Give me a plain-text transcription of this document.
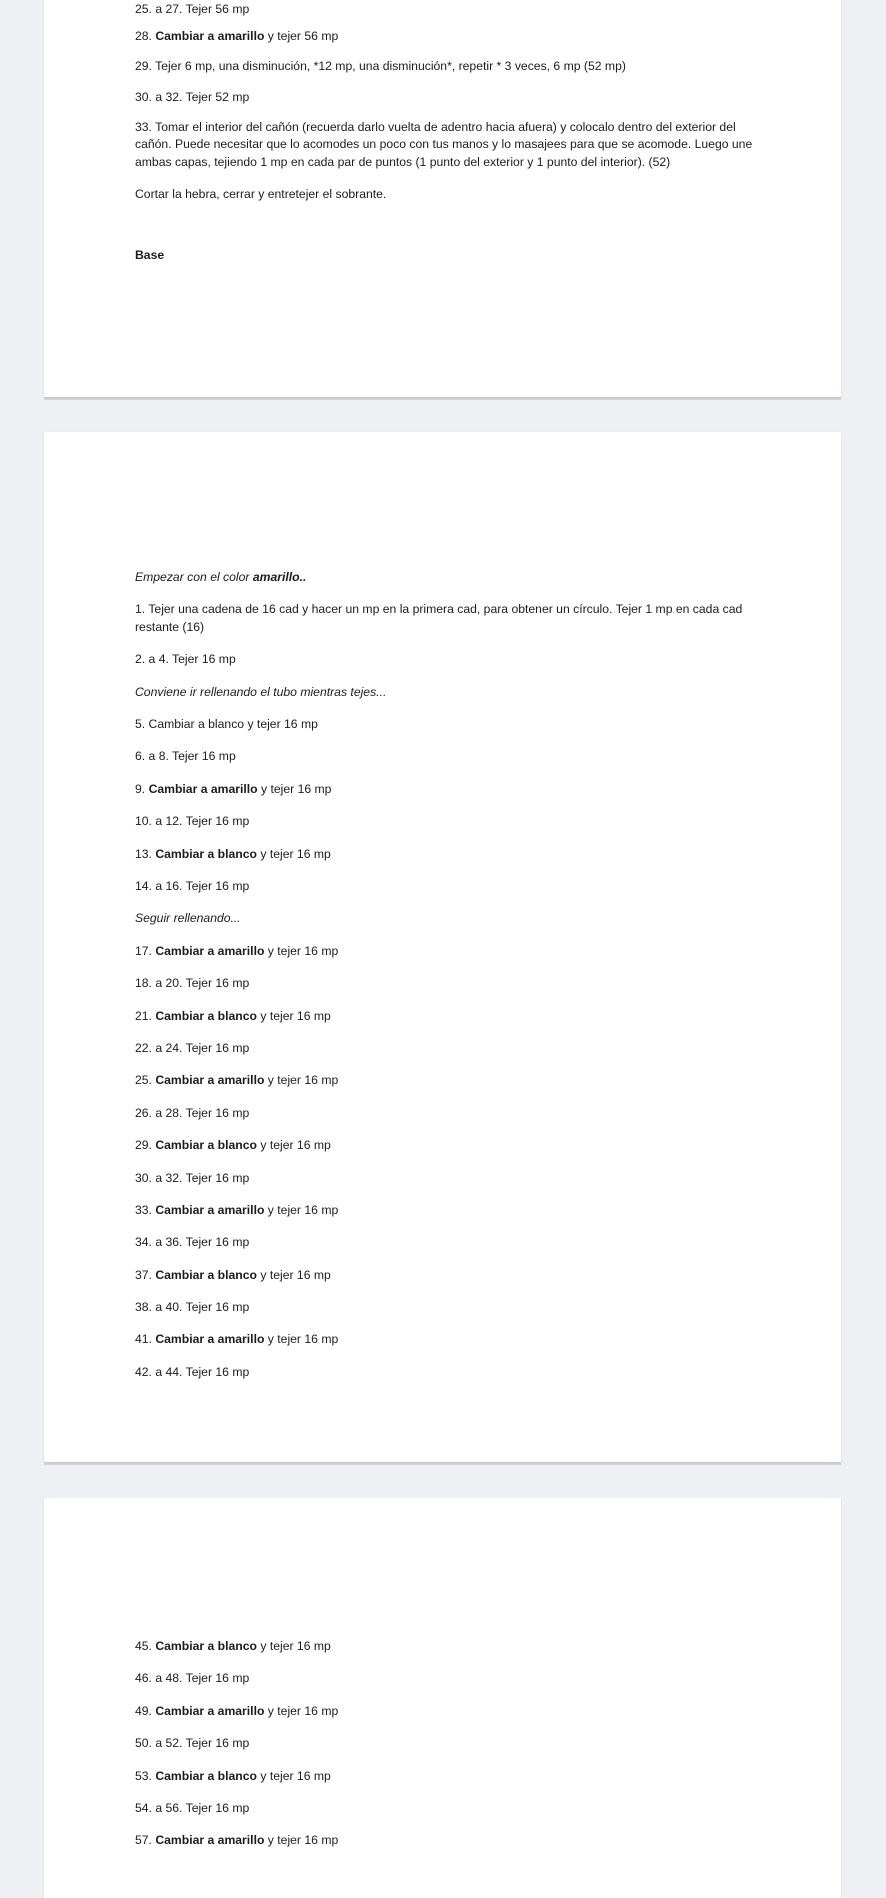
25. a 27. Tejer 56 mp

28. Cambiar a amarillo y tejer 56 mp

29. Tejer 6 mp, una disminución, *12 mp, una disminución*, repetir * 3 veces, 6 mp (52 mp)

30. a 32. Tejer 52 mp

33. Tomar el interior del cañón (recuerda darlo vuelta de adentro hacia afuera) y colocalo dentro del exterior del cañón. Puede necesitar que lo acomodes un poco con tus manos y lo masajees para que se acomode. Luego une ambas capas, tejiendo 1 mp en cada par de puntos (1 punto del exterior y 1 punto del interior). (52)

Cortar la hebra, cerrar y entretejer el sobrante.

Base

Empezar con el color amarillo..

1. Tejer una cadena de 16 cad y hacer un mp en la primera cad, para obtener un círculo. Tejer 1 mp en cada cad restante (16)

2. a 4. Tejer 16 mp

Conviene ir rellenando el tubo mientras tejes...

5. Cambiar a blanco y tejer 16 mp

6. a 8. Tejer 16 mp

9. Cambiar a amarillo y tejer 16 mp

10. a 12. Tejer 16 mp

13. Cambiar a blanco y tejer 16 mp

14. a 16. Tejer 16 mp

Seguir rellenando...

17. Cambiar a amarillo y tejer 16 mp

18. a 20. Tejer 16 mp

21. Cambiar a blanco y tejer 16 mp

22. a 24. Tejer 16 mp

25. Cambiar a amarillo y tejer 16 mp

26. a 28. Tejer 16 mp

29. Cambiar a blanco y tejer 16 mp

30. a 32. Tejer 16 mp

33. Cambiar a amarillo y tejer 16 mp

34. a 36. Tejer 16 mp

37. Cambiar a blanco y tejer 16 mp

38. a 40. Tejer 16 mp

41. Cambiar a amarillo y tejer 16 mp

42. a 44. Tejer 16 mp

45. Cambiar a blanco y tejer 16 mp

46. a 48. Tejer 16 mp

49. Cambiar a amarillo y tejer 16 mp

50. a 52. Tejer 16 mp

53. Cambiar a blanco y tejer 16 mp

54. a 56. Tejer 16 mp

57. Cambiar a amarillo y tejer 16 mp
